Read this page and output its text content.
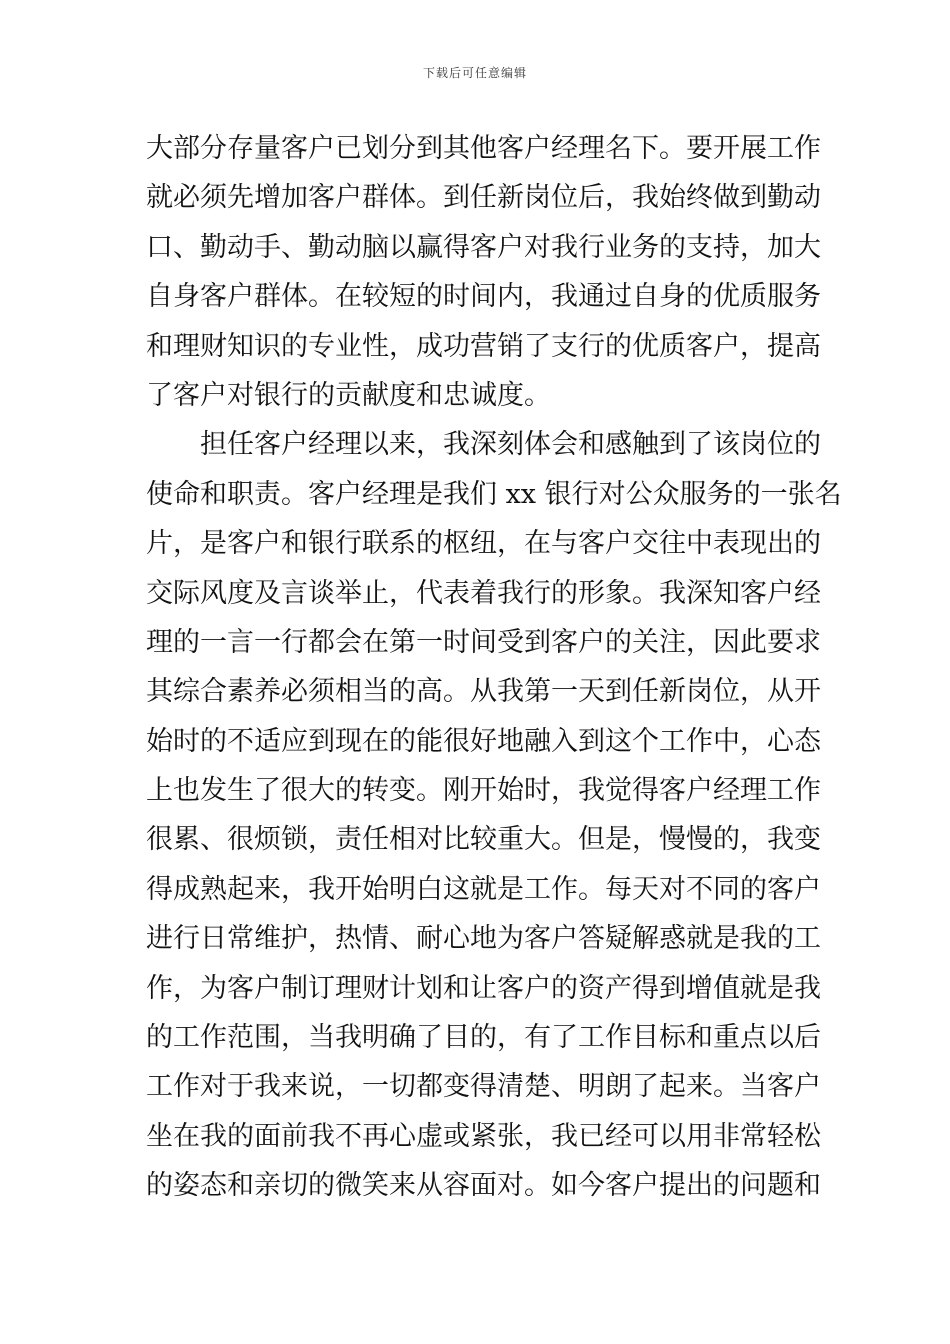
下载后可任意编辑
大部分存量客户已划分到其他客户经理名下。要开展工作
就必须先增加客户群体。到任新岗位后，我始终做到勤动
口、勤动手、勤动脑以赢得客户对我行业务的支持，加大
自身客户群体。在较短的时间内，我通过自身的优质服务
和理财知识的专业性，成功营销了支行的优质客户，提高
了客户对银行的贡献度和忠诚度。
担任客户经理以来，我深刻体会和感触到了该岗位的
使命和职责。客户经理是我们 xx 银行对公众服务的一张名
片，是客户和银行联系的枢纽，在与客户交往中表现出的
交际风度及言谈举止，代表着我行的形象。我深知客户经
理的一言一行都会在第一时间受到客户的关注，因此要求
其综合素养必须相当的高。从我第一天到任新岗位，从开
始时的不适应到现在的能很好地融入到这个工作中，心态
上也发生了很大的转变。刚开始时，我觉得客户经理工作
很累、很烦锁，责任相对比较重大。但是，慢慢的，我变
得成熟起来，我开始明白这就是工作。每天对不同的客户
进行日常维护，热情、耐心地为客户答疑解惑就是我的工
作，为客户制订理财计划和让客户的资产得到增值就是我
的工作范围，当我明确了目的，有了工作目标和重点以后
工作对于我来说，一切都变得清楚、明朗了起来。当客户
坐在我的面前我不再心虚或紧张，我已经可以用非常轻松
的姿态和亲切的微笑来从容面对。如今客户提出的问题和
